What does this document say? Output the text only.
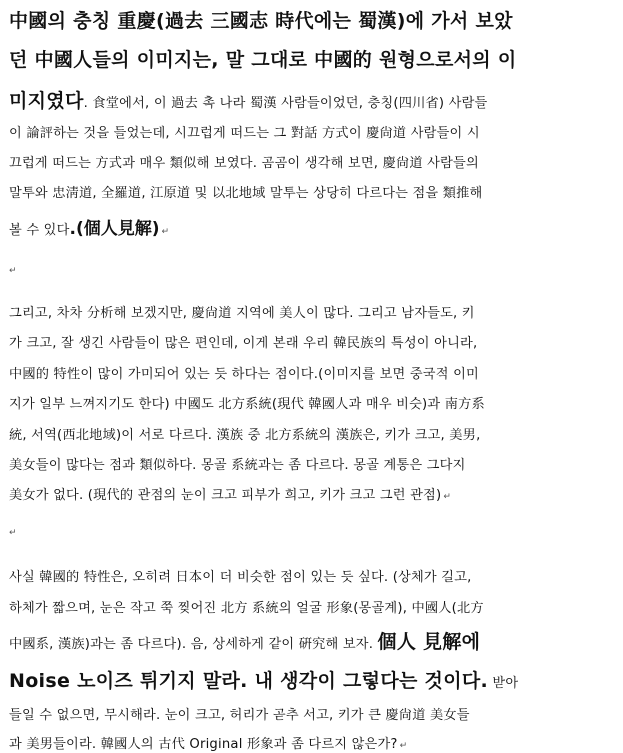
中國의 충칭 重慶(過去 三國志 時代에는 蜀漢)에 가서 보았
던 中國人들의 이미지는, 말 그대로 中國的 원형으로서의 이
미지였다. 食堂에서, 이 過去 촉 나라 蜀漢 사람들이었던, 충칭(四川省) 사람들
이 論評하는 것을 들었는데, 시끄럽게 떠드는 그 對話 方式이 慶尙道 사람들이 시
끄럽게 떠드는 方式과 매우 類似해 보였다. 곰곰이 생각해 보면, 慶尙道 사람들의
말투와 忠淸道, 全羅道, 江原道 및 以北地域 말투는 상당히 다르다는 점을 類推해
볼 수 있다.(個人見解) ↵
↵
그리고, 차차 分析해 보겠지만, 慶尙道 지역에 美人이 많다. 그리고 남자들도, 키
가 크고, 잘 생긴 사람들이 많은 편인데, 이게 본래 우리 韓民族의 특성이 아니라,
中國的 特性이 많이 가미되어 있는 듯 하다는 점이다.(이미지를 보면 중국적 이미
지가 일부 느껴지기도 한다) 中國도 北方系統(現代 韓國人과 매우 비슷)과 南方系
統, 서역(西北地域)이 서로 다르다. 漢族 중 北方系統의 漢族은, 키가 크고, 美男,
美女들이 많다는 점과 類似하다. 몽골 系統과는 좀 다르다. 몽골 계통은 그다지
美女가 없다. (現代的 관점의 눈이 크고 피부가 희고, 키가 크고 그런 관점) ↵
↵
사실 韓國的 特性은, 오히려 日本이 더 비슷한 점이 있는 듯 싶다. (상체가 길고,
하체가 짧으며, 눈은 작고 쭉 찢어진 北方 系統의 얼굴 形象(몽골계), 中國人(北方
中國系, 漢族)과는 좀 다르다). 음, 상세하게 같이 硏究해 보자. 個人 見解에
Noise 노이즈 튀기지 말라. 내 생각이 그렇다는 것이다. 받아
들일 수 없으면, 무시해라. 눈이 크고, 허리가 곧추 서고, 키가 큰 慶尙道 美女들
과 美男들이라. 韓國人의 古代 Original 形象과 좀 다르지 않은가? ↵
